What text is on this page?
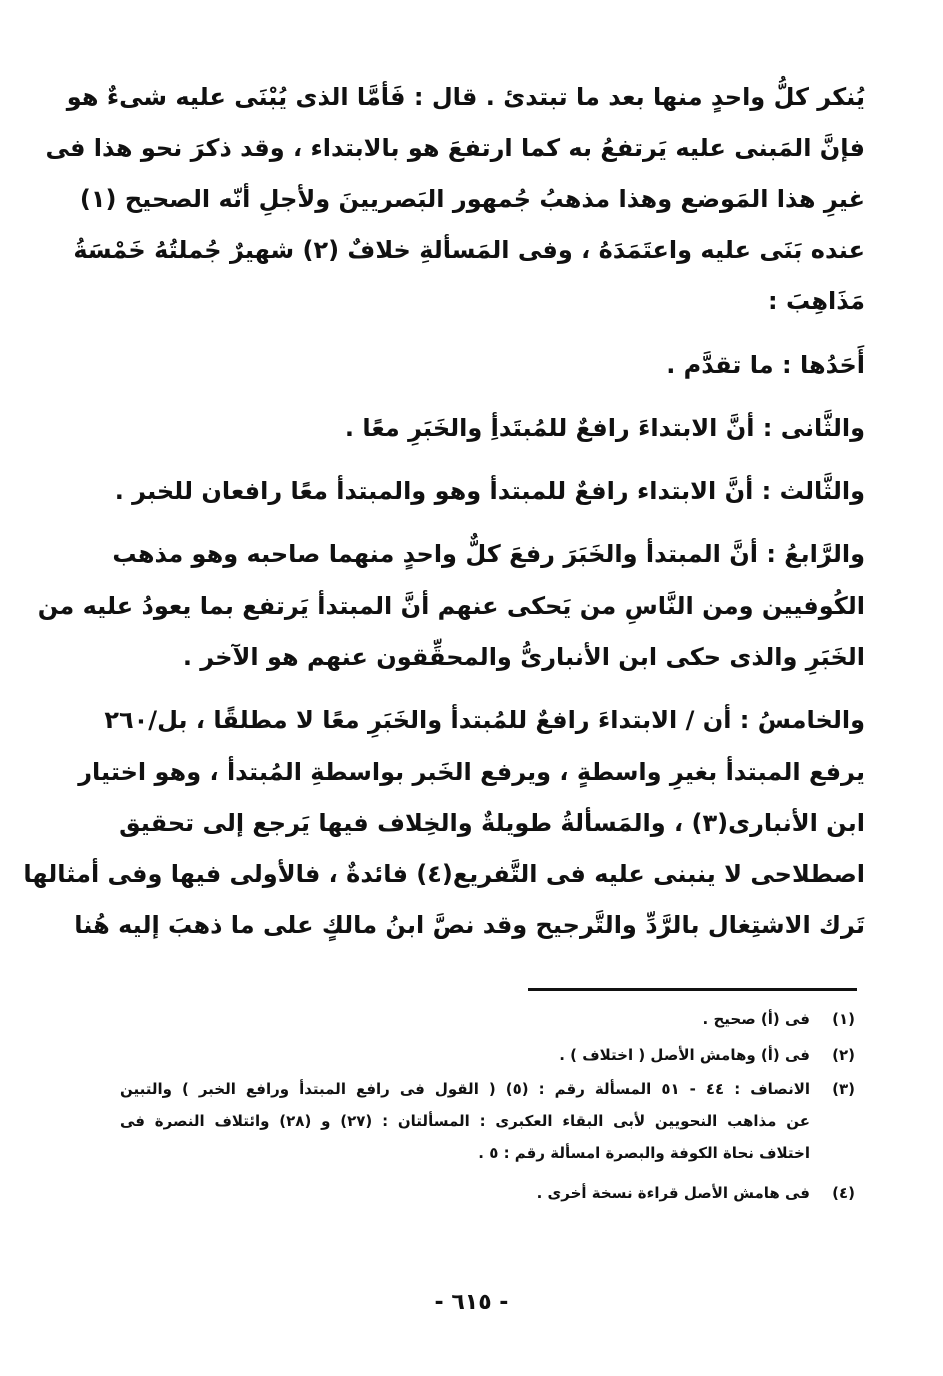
يُنكر كلُّ واحدٍ منها بعد ما تبتدئ . قال : فَأمَّا الذى يُبْنَى عليه شىءٌ هو
فإنَّ المَبنى عليه يَرتفعُ به كما ارتفعَ هو بالابتداء ، وقد ذكرَ نحو هذا فى
غيرِ هذا المَوضع وهذا مذهبُ جُمهور البَصريينَ ولأجلِ أنّه الصحيح (١)
عنده بَنَى عليه واعتَمَدَهُ ، وفى المَسألةِ خلافٌ (٢) شهيرٌ جُملتُهُ خَمْسَةُ
مَذَاهِبَ :
أَحَدُها : ما تقدَّم .
والثَّانى : أنَّ الابتداءَ رافعٌ للمُبتَدأِ والخَبَرِ معًا .
والثَّالث : أنَّ الابتداء رافعٌ للمبتدأ وهو والمبتدأ معًا رافعان للخبر .
والرَّابعُ : أنَّ المبتدأ والخَبَرَ رفعَ كلٌّ واحدٍ منهما صاحبه وهو مذهب
الكُوفيين ومن النَّاسِ من يَحكى عنهم أنَّ المبتدأ يَرتفع بما يعودُ عليه من
الخَبَرِ والذى حكى ابن الأنبارىُّ والمحقِّقون عنهم هو الآخر .
والخامسُ : أن / الابتداءَ رافعٌ للمُبتدأ والخَبَرِ معًا لا مطلقًا ، بل/٢٦٠
يرفع المبتدأ بغيرِ واسطةٍ ، ويرفع الخَبر بواسطةِ المُبتدأ ، وهو اختيار
ابن الأنبارى(٣) ، والمَسألةُ طويلةٌ والخِلاف فيها يَرجع إلى تحقيق
اصطلاحى لا ينبنى عليه فى التَّفريع(٤) فائدةٌ ، فالأولى فيها وفى أمثالها
تَرك الاشتِغال بالرَّدِّ والتَّرجيح وقد نصَّ ابنُ مالكٍ على ما ذهبَ إليه هُنا
(١)
فى (أ) صحيح .
(٢)
فى (أ) وهامش الأصل ( اختلاف ) .
(٣)
الانصاف : ٤٤ - ٥١ المسألة رقم : (٥) ( القول فى رافع المبتدأ ورافع الخبر ) والتبين
عن مذاهب النحويين لأبى البقاء العكبرى : المسألتان : (٢٧) و (٢٨) وائتلاف النصرة فى
اختلاف نحاة الكوفة والبصرة امسألة رقم : ٥ .
(٤)
فى هامش الأصل قراءة نسخة أخرى .
- ٦١٥ -
